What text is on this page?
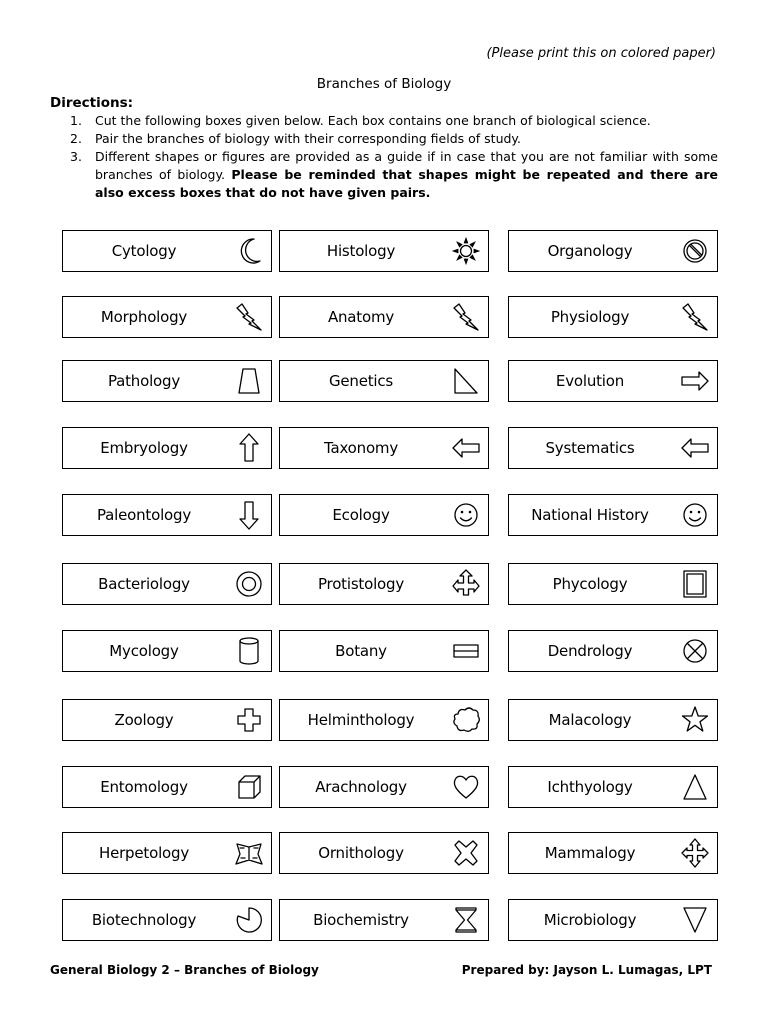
(Please print this on colored paper)
Branches of Biology
Directions:
1.	Cut the following boxes given below. Each box contains one branch of biological science.
2.	Pair the branches of biology with their corresponding fields of study.
3.	Different shapes or figures are provided as a guide if in case that you are not familiar with some branches of biology. Please be reminded that shapes might be repeated and there are also excess boxes that do not have given pairs.
Cytology	Histology	Organology
Morphology	Anatomy	Physiology
Pathology	Genetics	Evolution
Embryology	Taxonomy	Systematics
Paleontology	Ecology	National History
Bacteriology	Protistology	Phycology
Mycology	Botany	Dendrology
Zoology	Helminthology	Malacology
Entomology	Arachnology	Ichthyology
Herpetology	Ornithology	Mammalogy
Biotechnology	Biochemistry	Microbiology
General Biology 2 – Branches of Biology	Prepared by: Jayson L. Lumagas, LPT
